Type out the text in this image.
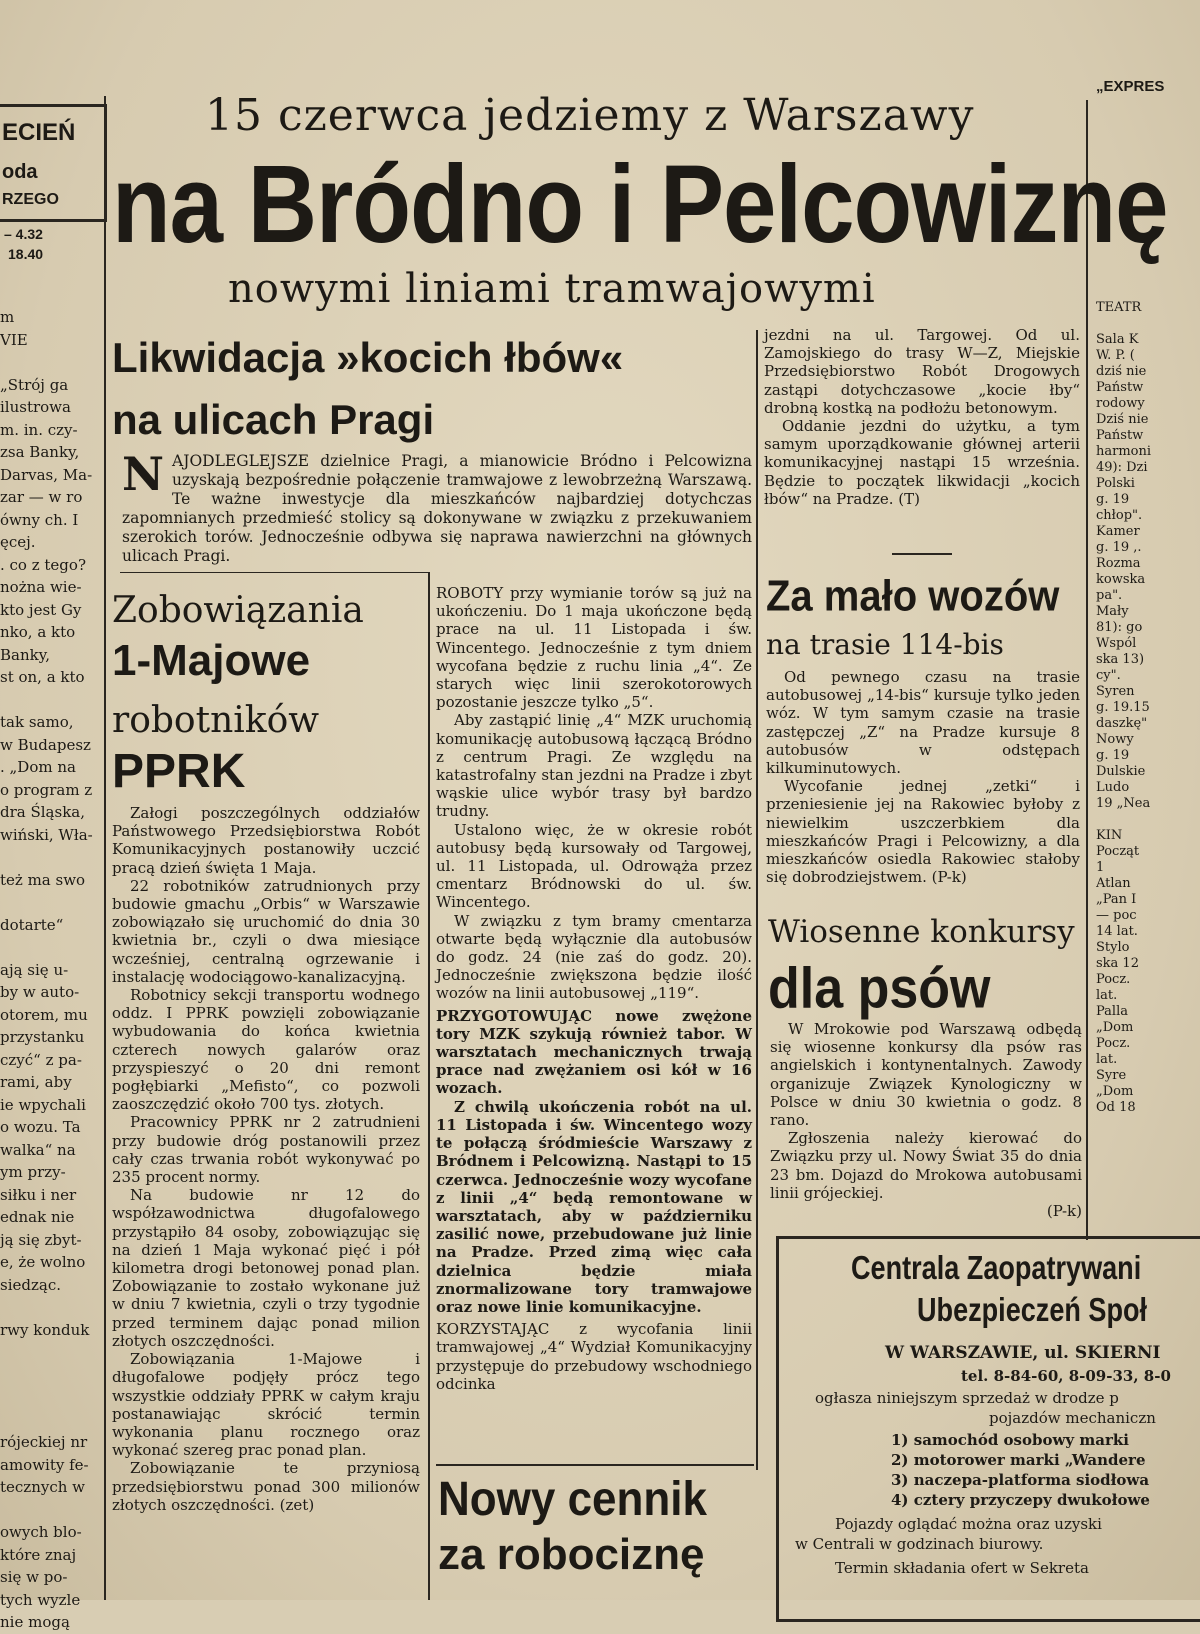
ECIEŃ
oda
RZEGO
– 4.32
18.40
m
VIE

„Strój ga
ilustrowa
m. in. czy-
zsa Banky,
Darvas, Ma-
zar — w ro
ówny ch. I
ęcej.
. co z tego?
nożna wie-
kto jest Gy
nko, a kto
Banky,
st on, a kto

tak samo,
w Budapesz
. „Dom na
o program z
dra Śląska,
wiński, Wła-

też ma swo

dotarte“

ają się u-
by w auto-
otorem, mu
przystanku
czyć“ z pa-
rami, aby
ie wpychali
o wozu. Ta
walka“ na
ym przy-
siłku i ner
ednak nie
ją się zbyt-
e, że wolno
siedząc.

rwy konduk

rójeckiej nr
amowity fe-
tecznych w

owych blo-
które znaj
się w po-
tych wyzle
nie mogą
„EXPRES
15 czerwca jedziemy z Warszawy
na Bródno i Pelcowiznę
nowymi liniami tramwajowymi
Likwidacja »kocich łbów«
na ulicach Pragi
NAJODLEGLEJSZE dzielnice Pragi, a mianowicie Bródno i Pelcowizna uzyskają bezpośrednie połączenie tramwajowe z lewobrzeżną Warszawą. Te ważne inwestycje dla mieszkańców najbardziej dotychczas zapomnianych przedmieść stolicy są dokonywane w związku z przekuwaniem szerokich torów. Jednocześnie odbywa się naprawa nawierzchni na głównych ulicach Pragi.

ROBOTY przy wymianie torów są już na ukończeniu. Do 1 maja ukończone będą prace na ul. 11 Listopada i św. Wincentego. Jednocześnie z tym dniem wycofana będzie z ruchu linia „4“. Ze starych więc linii szerokotorowych pozostanie jeszcze tylko „5“.

Aby zastąpić linię „4“ MZK uruchomią komunikację autobusową łączącą Bródno z centrum Pragi. Ze względu na katastrofalny stan jezdni na Pradze i zbyt wąskie ulice wybór trasy był bardzo trudny.

Ustalono więc, że w okresie robót autobusy będą kursowały od Targowej, ul. 11 Listopada, ul. Odrowąża przez cmentarz Bródnowski do ul. św. Wincentego.

W związku z tym bramy cmentarza otwarte będą wyłącznie dla autobusów do godz. 24 (nie zaś do godz. 20). Jednocześnie zwiększona będzie ilość wozów na linii autobusowej „119“.

PRZYGOTOWUJĄC nowe zwężone tory MZK szykują również tabor. W warsztatach mechanicznych trwają prace nad zwężaniem osi kół w 16 wozach.

Z chwilą ukończenia robót na ul. 11 Listopada i św. Wincentego wozy te połączą śródmieście Warszawy z Bródnem i Pelcowizną. Nastąpi to 15 czerwca. Jednocześnie wozy wycofane z linii „4“ będą remontowane w warsztatach, aby w październiku zasilić nowe, przebudowane już linie na Pradze. Przed zimą więc cała dzielnica będzie miała znormalizowane tory tramwajowe oraz nowe linie komunikacyjne.

KORZYSTAJĄC z wycofania linii tramwajowej „4“ Wydział Komunikacyjny przystępuje do przebudowy wschodniego odcinka

jezdni na ul. Targowej. Od ul. Zamojskiego do trasy W—Z, Miejskie Przedsiębiorstwo Robót Drogowych zastąpi dotychczasowe „kocie łby“ drobną kostką na podłożu betonowym.

Oddanie jezdni do użytku, a tym samym uporządkowanie głównej arterii komunikacyjnej nastąpi 15 września. Będzie to początek likwidacji „kocich łbów“ na Pradze. (T)

Zobowiązania
1-Majowe
robotników
PPRK

Załogi poszczególnych oddziałów Państwowego Przedsiębiorstwa Robót Komunikacyjnych postanowiły uczcić pracą dzień święta 1 Maja.

22 robotników zatrudnionych przy budowie gmachu „Orbis“ w Warszawie zobowiązało się uruchomić do dnia 30 kwietnia br., czyli o dwa miesiące wcześniej, centralną ogrzewanie i instalację wodociągowo-kanalizacyjną.

Robotnicy sekcji transportu wodnego oddz. I PPRK powzięli zobowiązanie wybudowania do końca kwietnia czterech nowych galarów oraz przyspieszyć o 20 dni remont pogłębiarki „Mefisto“, co pozwoli zaoszczędzić około 700 tys. złotych.

Pracownicy PPRK nr 2 zatrudnieni przy budowie dróg postanowili przez cały czas trwania robót wykonywać po 235 procent normy.

Na budowie nr 12 do współzawodnictwa długofalowego przystąpiło 84 osoby, zobowiązując się na dzień 1 Maja wykonać pięć i pół kilometra drogi betonowej ponad plan. Zobowiązanie to zostało wykonane już w dniu 7 kwietnia, czyli o trzy tygodnie przed terminem dając ponad milion złotych oszczędności.

Zobowiązania 1-Majowe i długofalowe podjęły prócz tego wszystkie oddziały PPRK w całym kraju postanawiając skrócić termin wykonania planu rocznego oraz wykonać szereg prac ponad plan.

Zobowiązanie te przyniosą przedsiębiorstwu ponad 300 milionów złotych oszczędności. (zet)

Za mało wozów
na trasie 114-bis

Od pewnego czasu na trasie autobusowej „14-bis“ kursuje tylko jeden wóz. W tym samym czasie na trasie zastępczej „Z“ na Pradze kursuje 8 autobusów w odstępach kilkuminutowych.

Wycofanie jednej „zetki“ i przeniesienie jej na Rakowiec byłoby z niewielkim uszczerbkiem dla mieszkańców Pragi i Pelcowizny, a dla mieszkańców osiedla Rakowiec stałoby się dobrodziejstwem. (P-k)

Wiosenne konkursy
dla psów

W Mrokowie pod Warszawą odbędą się wiosenne konkursy dla psów ras angielskich i kontynentalnych. Zawody organizuje Związek Kynologiczny w Polsce w dniu 30 kwietnia o godz. 8 rano.

Zgłoszenia należy kierować do Związku przy ul. Nowy Świat 35 do dnia 23 bm. Dojazd do Mrokowa autobusami linii grójeckiej.

(P-k)

Nowy cennik
za robociznę
Centrala Zaopatrywani
Ubezpieczeń Społ
W WARSZAWIE, ul. SKIERNI
tel. 8-84-60, 8-09-33, 8-0
ogłasza niniejszym sprzedaż w drodze p
pojazdów mechaniczn
1) samochód osobowy marki
2) motorower marki „Wandere
3) naczepa-platforma siodłowa
4) cztery przyczepy dwukołowe
Pojazdy oglądać można oraz uzyski
w Centrali w godzinach biurowy.
Termin składania ofert w Sekreta
TEATR

Sala K
W. P. (
dziś nie
Państw
rodowy
Dziś nie
Państw
harmoni
49): Dzi
Polski
g. 19
chłop".
Kamer
g. 19 ,.
Rozma
kowska
pa".
Mały
81): go
Wspól
ska 13)
cy".
Syren
g. 19.15
daszkę"
Nowy
g. 19
Dulskie
Ludo
19 „Nea

KIN
Począt
1
Atlan
„Pan I
— poc
14 lat.
Stylo
ska 12
Pocz.
lat.
Palla
„Dom
Pocz.
lat.
Syre
„Dom
Od 18
